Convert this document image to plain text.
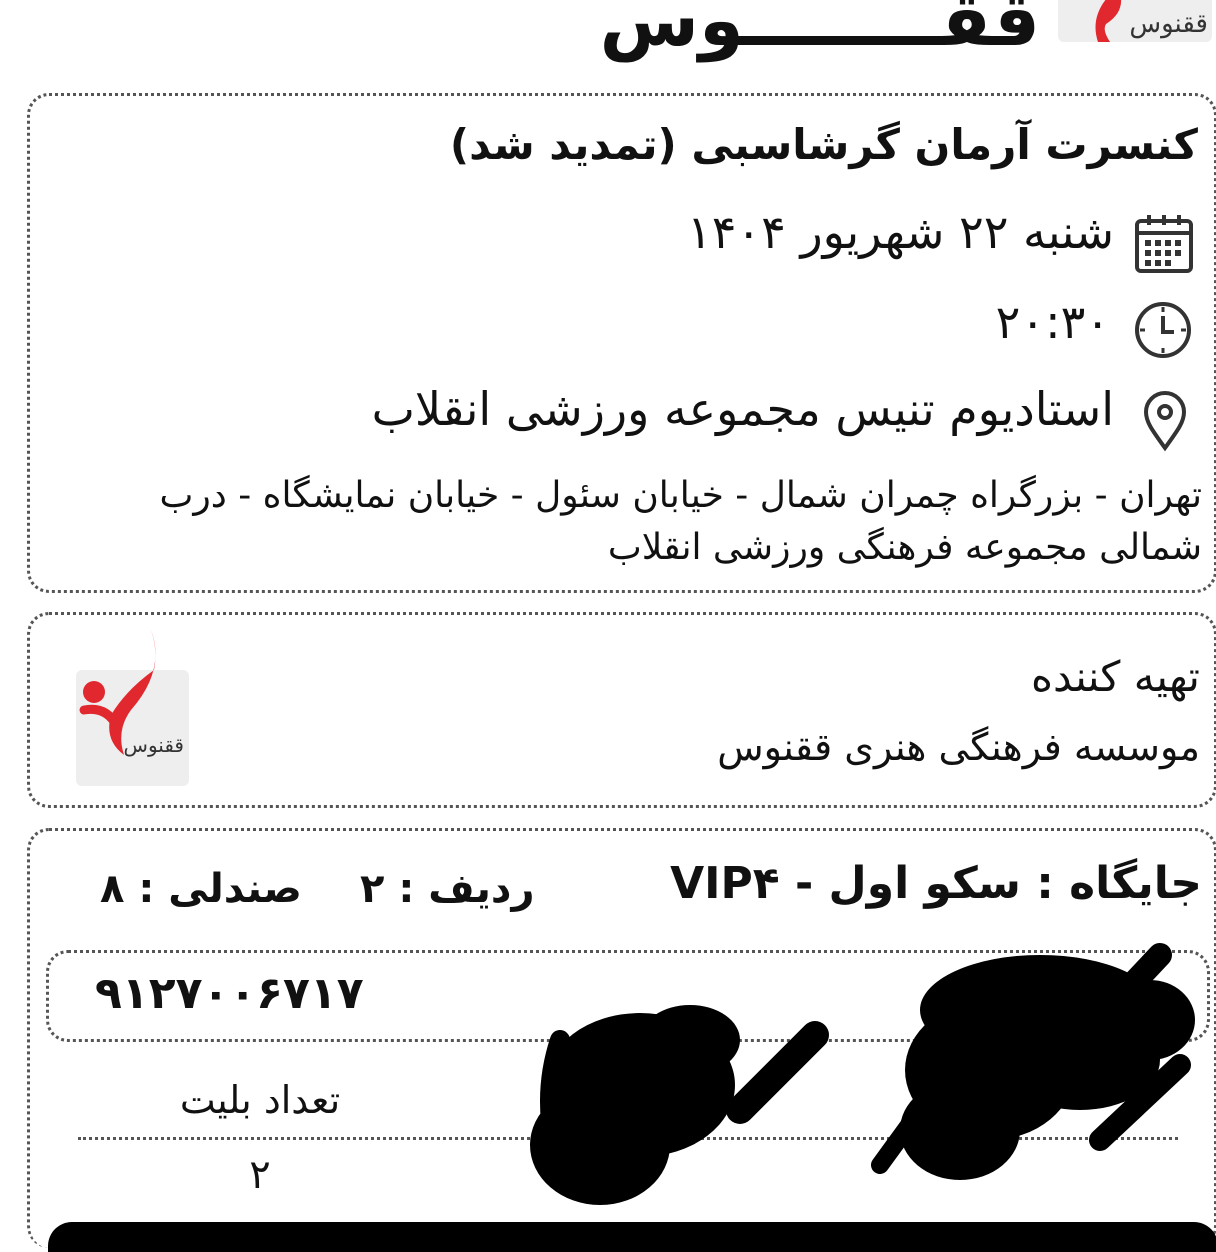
ققــــــــوس	ققنوس
کنسرت آرمان گرشاسبی (تمدید شد)
شنبه ۲۲ شهریور ۱۴۰۴
۲۰:۳۰
استادیوم تنیس مجموعه ورزشی انقلاب
تهران - بزرگراه چمران شمال - خیابان سئول - خیابان نمایشگاه - درب شمالی مجموعه فرهنگی ورزشی انقلاب
تهیه کننده
موسسه فرهنگی هنری ققنوس
ققنوس
جایگاه : سکو اول - VIP۴
ردیف : ۲
صندلی : ۸
۹۱۲۷۰۰۶۷۱۷
تعداد بلیت
۲
